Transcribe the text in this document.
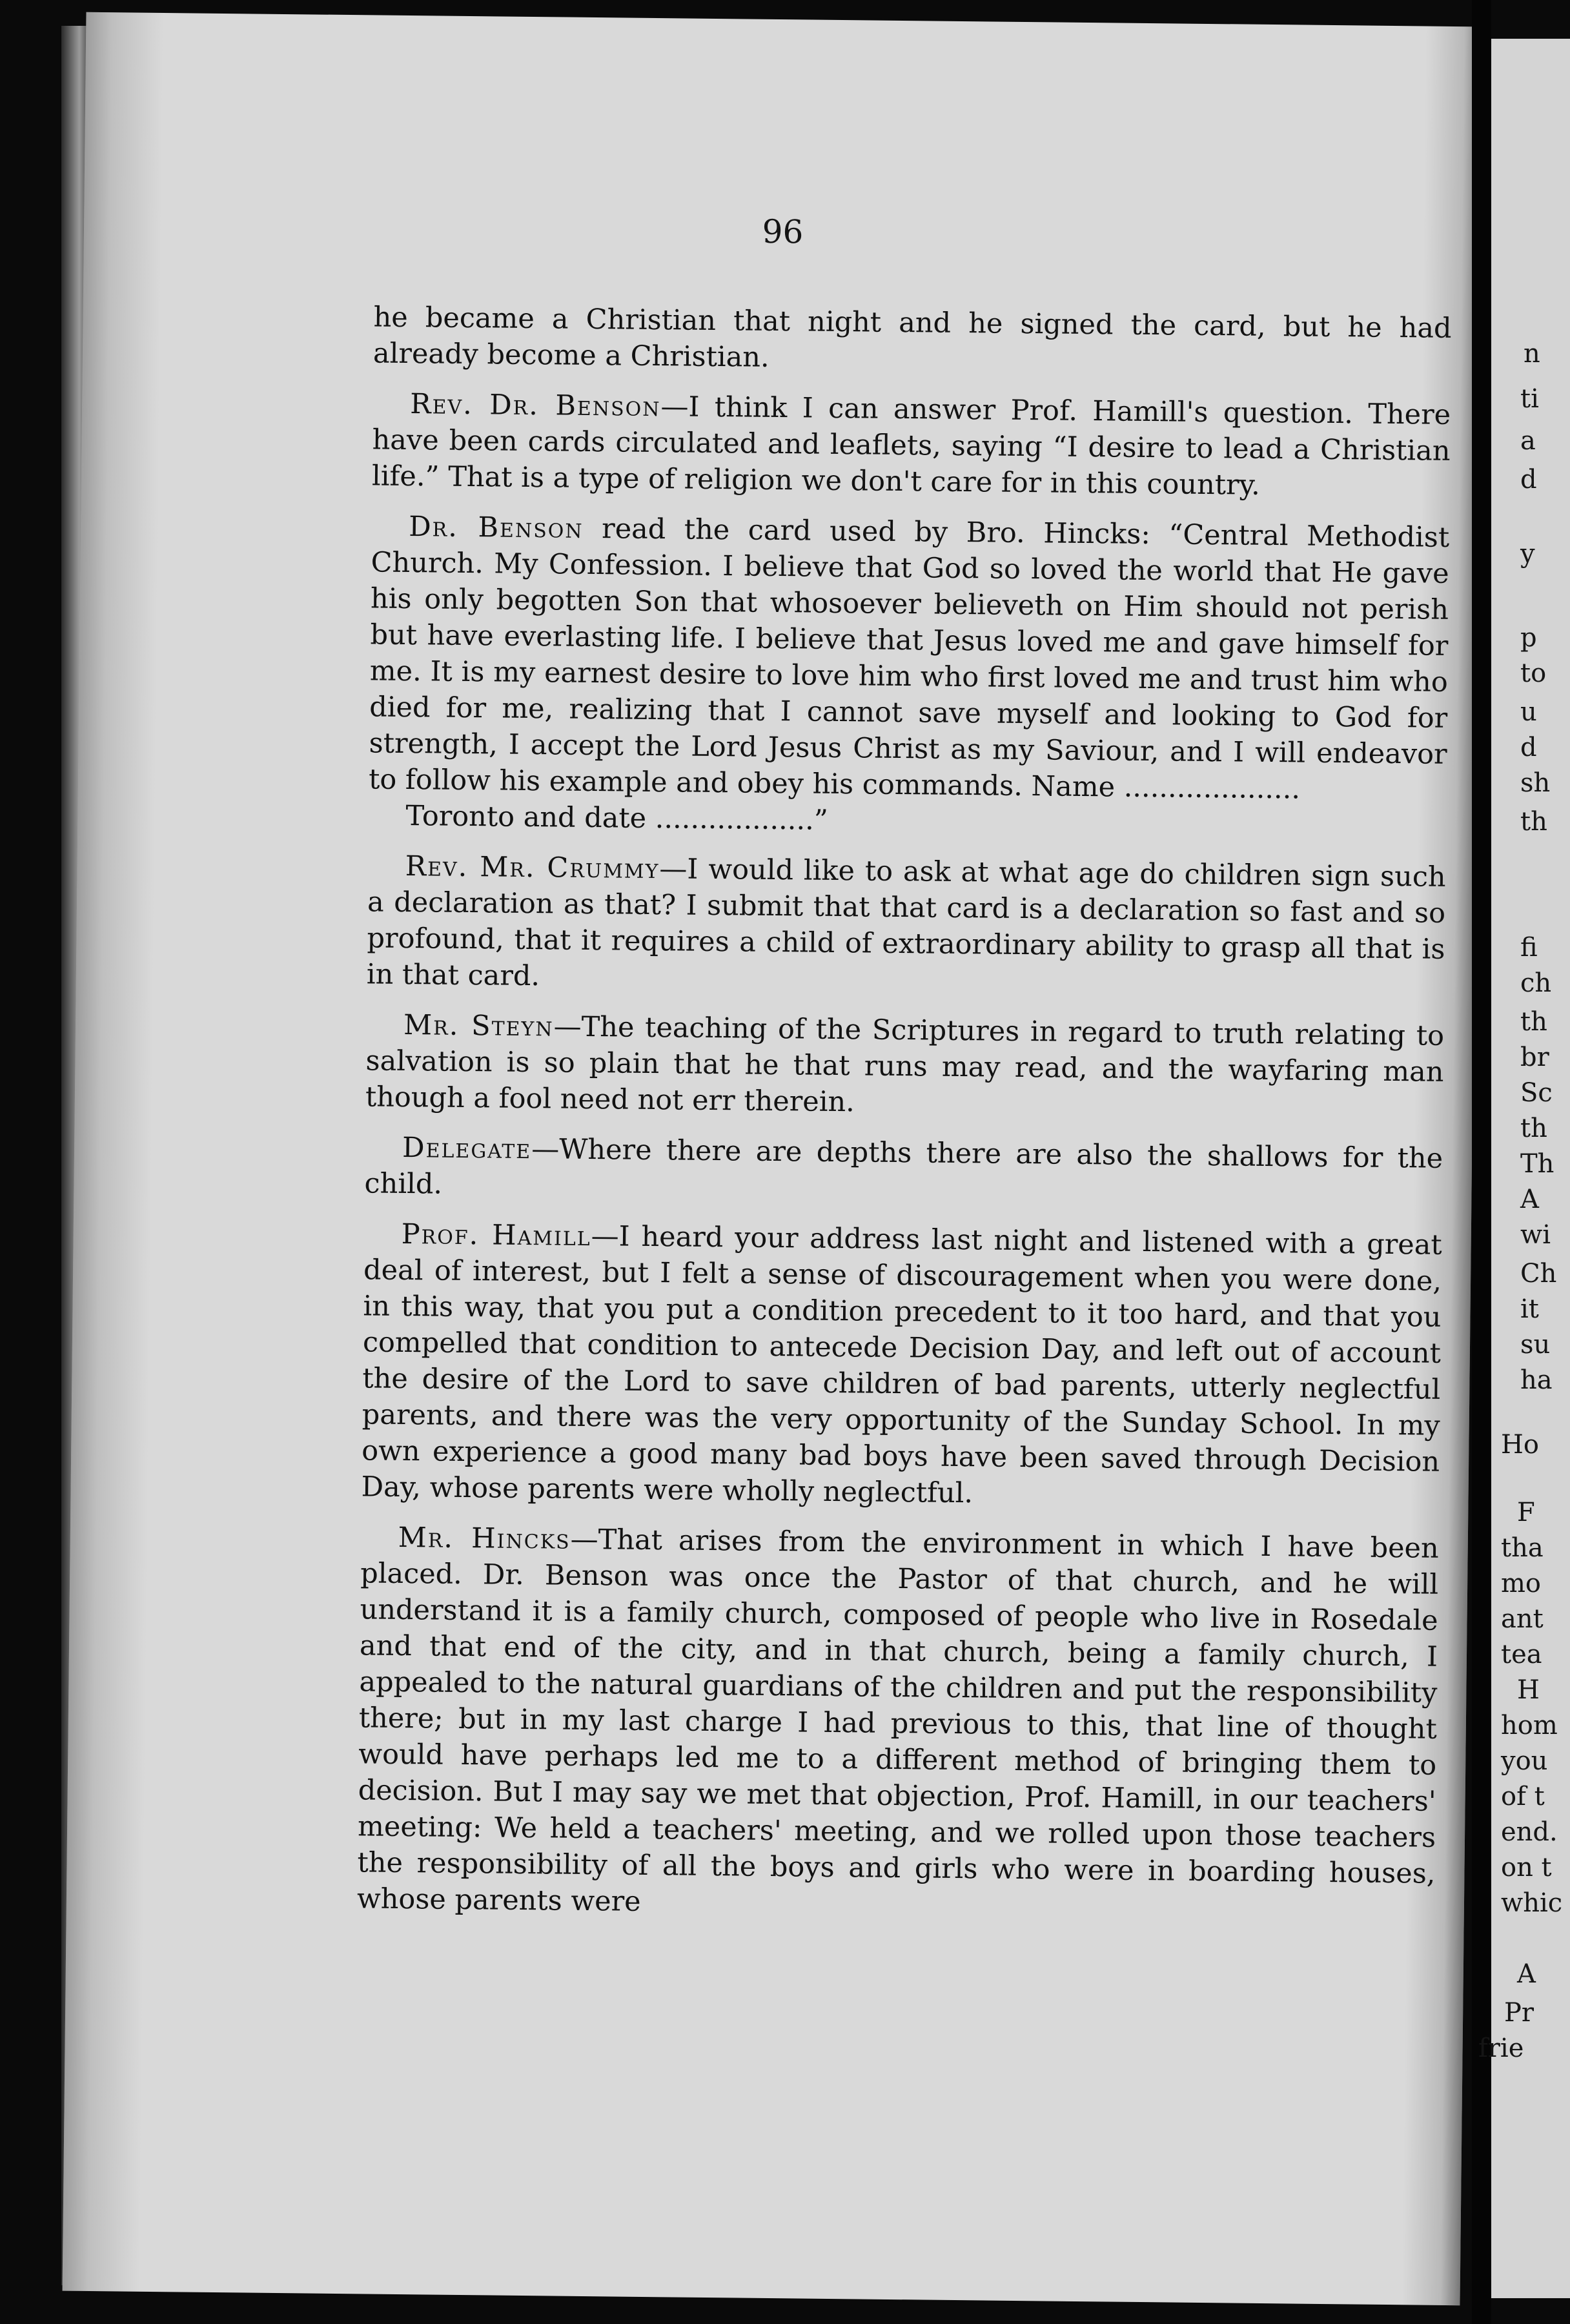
96

he became a Christian that night and he signed the card, but he had already become a Christian.

Rev. Dr. Benson—I think I can answer Prof. Hamill's question. There have been cards circulated and leaflets, saying “I desire to lead a Christian life.” That is a type of religion we don't care for in this country.

Dr. Benson read the card used by Bro. Hincks: “Central Methodist Church. My Confession. I believe that God so loved the world that He gave his only begotten Son that whosoever believeth on Him should not perish but have everlasting life. I believe that Jesus loved me and gave himself for me. It is my earnest desire to love him who first loved me and trust him who died for me, realizing that I cannot save myself and looking to God for strength, I accept the Lord Jesus Christ as my Saviour, and I will endeavor to follow his example and obey his commands. Name ....................
Toronto and date ..................”

Rev. Mr. Crummy—I would like to ask at what age do children sign such a declaration as that? I submit that that card is a declaration so fast and so profound, that it requires a child of extraordinary ability to grasp all that is in that card.

Mr. Steyn—The teaching of the Scriptures in regard to truth relating to salvation is so plain that he that runs may read, and the wayfaring man though a fool need not err therein.

Delegate—Where there are depths there are also the shallows for the child.

Prof. Hamill—I heard your address last night and listened with a great deal of interest, but I felt a sense of discouragement when you were done, in this way, that you put a condition precedent to it too hard, and that you compelled that condition to antecede Decision Day, and left out of account the desire of the Lord to save children of bad parents, utterly neglectful parents, and there was the very opportunity of the Sunday School. In my own experience a good many bad boys have been saved through Decision Day, whose parents were wholly neglectful.

Mr. Hincks—That arises from the environment in which I have been placed. Dr. Benson was once the Pastor of that church, and he will understand it is a family church, composed of people who live in Rosedale and that end of the city, and in that church, being a family church, I appealed to the natural guardians of the children and put the responsibility there; but in my last charge I had previous to this, that line of thought would have perhaps led me to a different method of bringing them to decision. But I may say we met that objection, Prof. Hamill, in our teachers' meeting: We held a teachers' meeting, and we rolled upon those teachers the responsibility of all the boys and girls who were in boarding houses, whose parents were

n
ti
a
d
y
p
to
u
d
sh
th
fi
ch
th
br
Sc
th
Th
A
wi
Ch
it
su
ha
Ho
F
tha
mo
ant
tea
H
hom
you
of t
end.
on t
whic
A
Pr
frie
